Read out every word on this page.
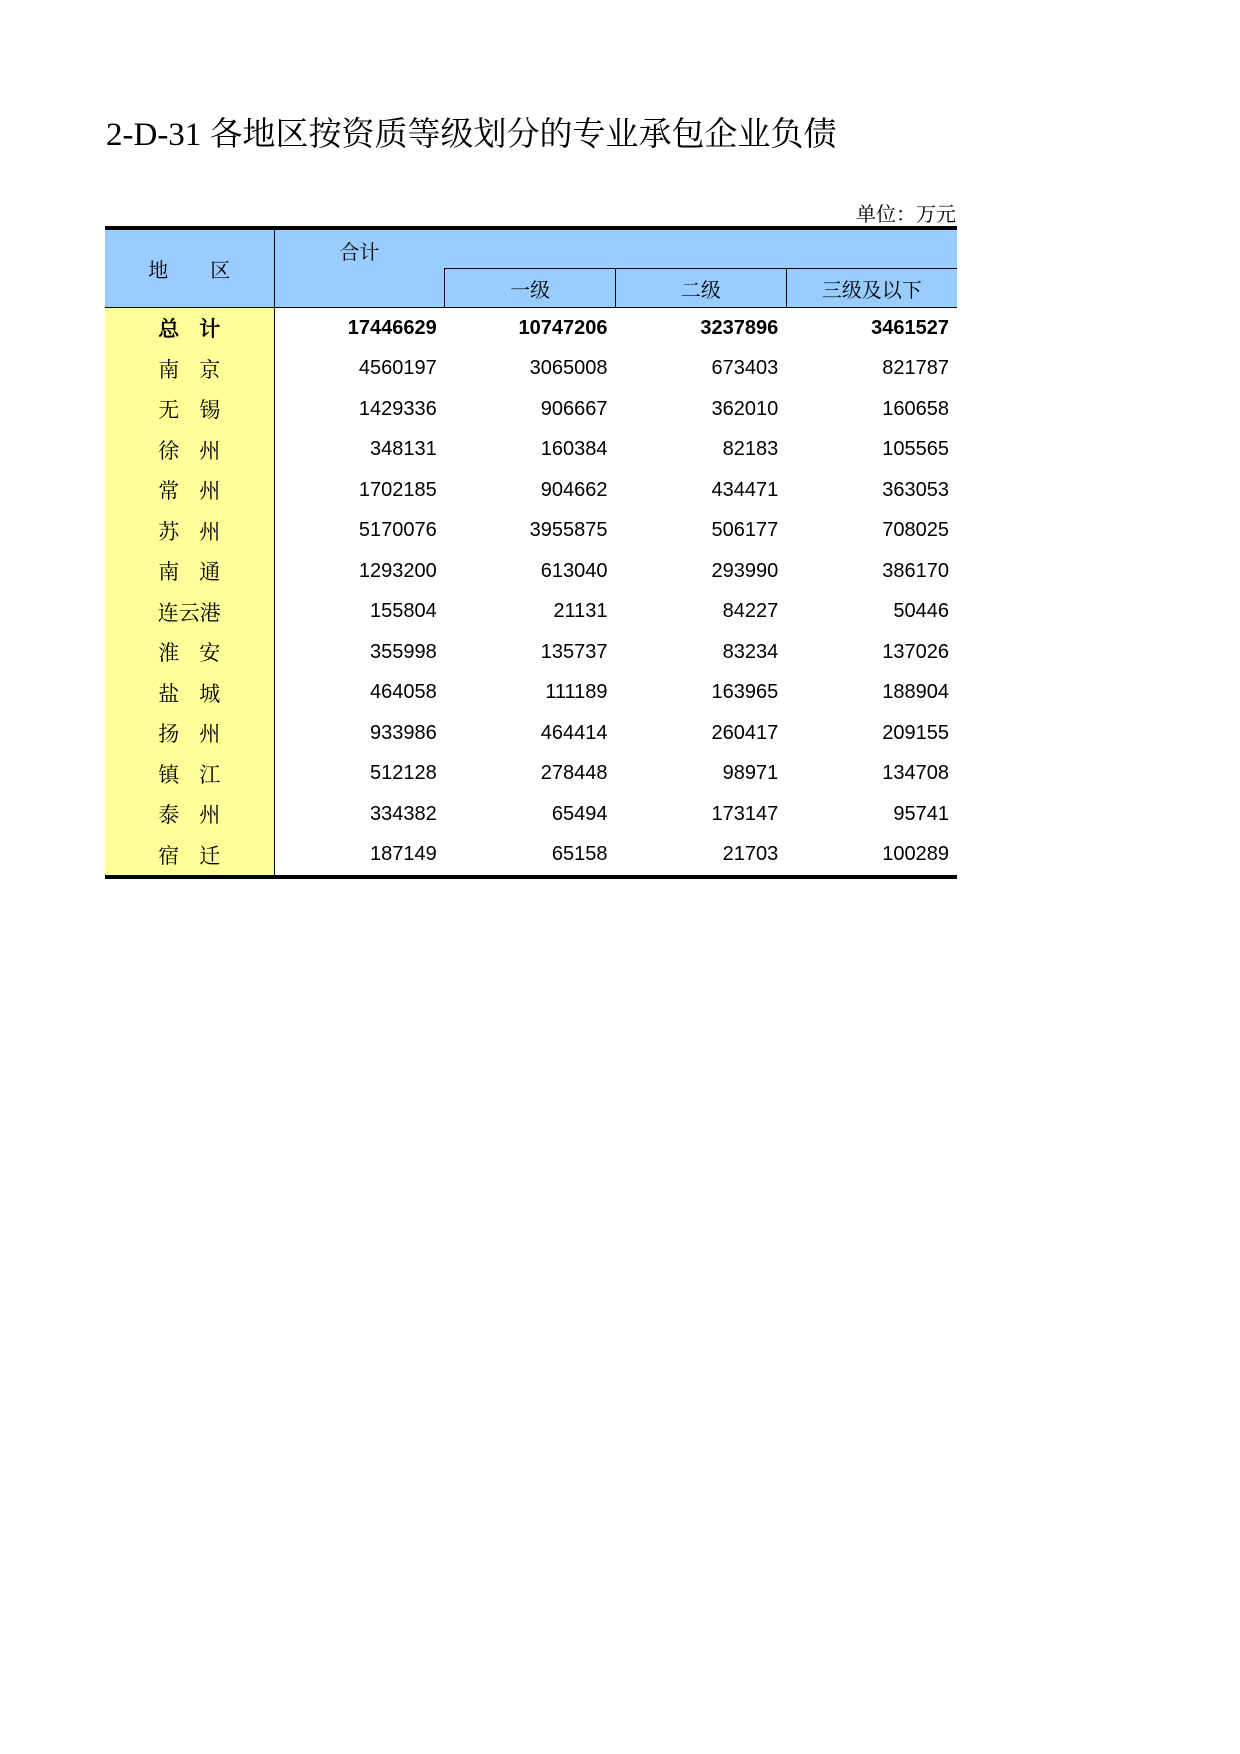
2-D-31 各地区按资质等级划分的专业承包企业负债
单位：万元
地 区	合计			
		一级	二级	三级及以下

总 计	17446629	10747206	3237896	3461527

南 京	4560197	3065008	673403	821787

无 锡	1429336	906667	362010	160658

徐 州	348131	160384	82183	105565

常 州	1702185	904662	434471	363053

苏 州	5170076	3955875	506177	708025

南 通	1293200	613040	293990	386170
连云港	155804	21131	84227	50446

淮 安	355998	135737	83234	137026

盐 城	464058	111189	163965	188904

扬 州	933986	464414	260417	209155

镇 江	512128	278448	98971	134708

泰 州	334382	65494	173147	95741

宿 迁	187149	65158	21703	100289
